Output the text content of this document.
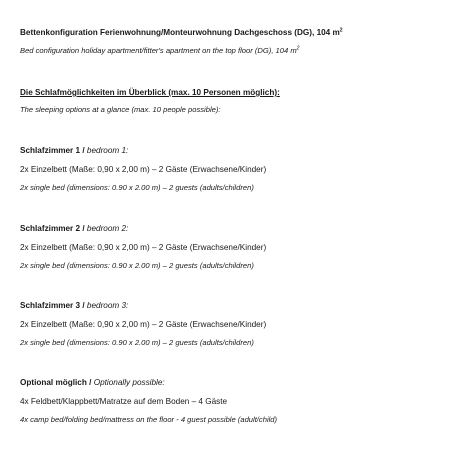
Bettenkonfiguration Ferienwohnung/Monteurwohnung Dachgeschoss (DG), 104 $m^2$
Bed configuration holiday apartment/fitter's apartment on the top floor (DG), 104 $m^2$
Die Schlafmöglichkeiten im Überblick (max. 10 Personen möglich):
The sleeping options at a glance (max. 10 people possible):
Schlafzimmer 1 / bedroom 1:
2x Einzelbett (Maße: 0,90 x 2,00 m) – 2 Gäste (Erwachsene/Kinder)
2x single bed (dimensions: 0.90 x 2.00 m) – 2 guests (adults/children)
Schlafzimmer 2 / bedroom 2:
2x Einzelbett (Maße: 0,90 x 2,00 m) – 2 Gäste (Erwachsene/Kinder)
2x single bed (dimensions: 0.90 x 2.00 m) – 2 guests (adults/children)
Schlafzimmer 3 / bedroom 3:
2x Einzelbett (Maße: 0,90 x 2,00 m) – 2 Gäste (Erwachsene/Kinder)
2x single bed (dimensions: 0.90 x 2.00 m) – 2 guests (adults/children)
Optional möglich / Optionally possible:
4x Feldbett/Klappbett/Matratze auf dem Boden – 4 Gäste
4x camp bed/folding bed/mattress on the floor - 4 guest possible (adult/child)
